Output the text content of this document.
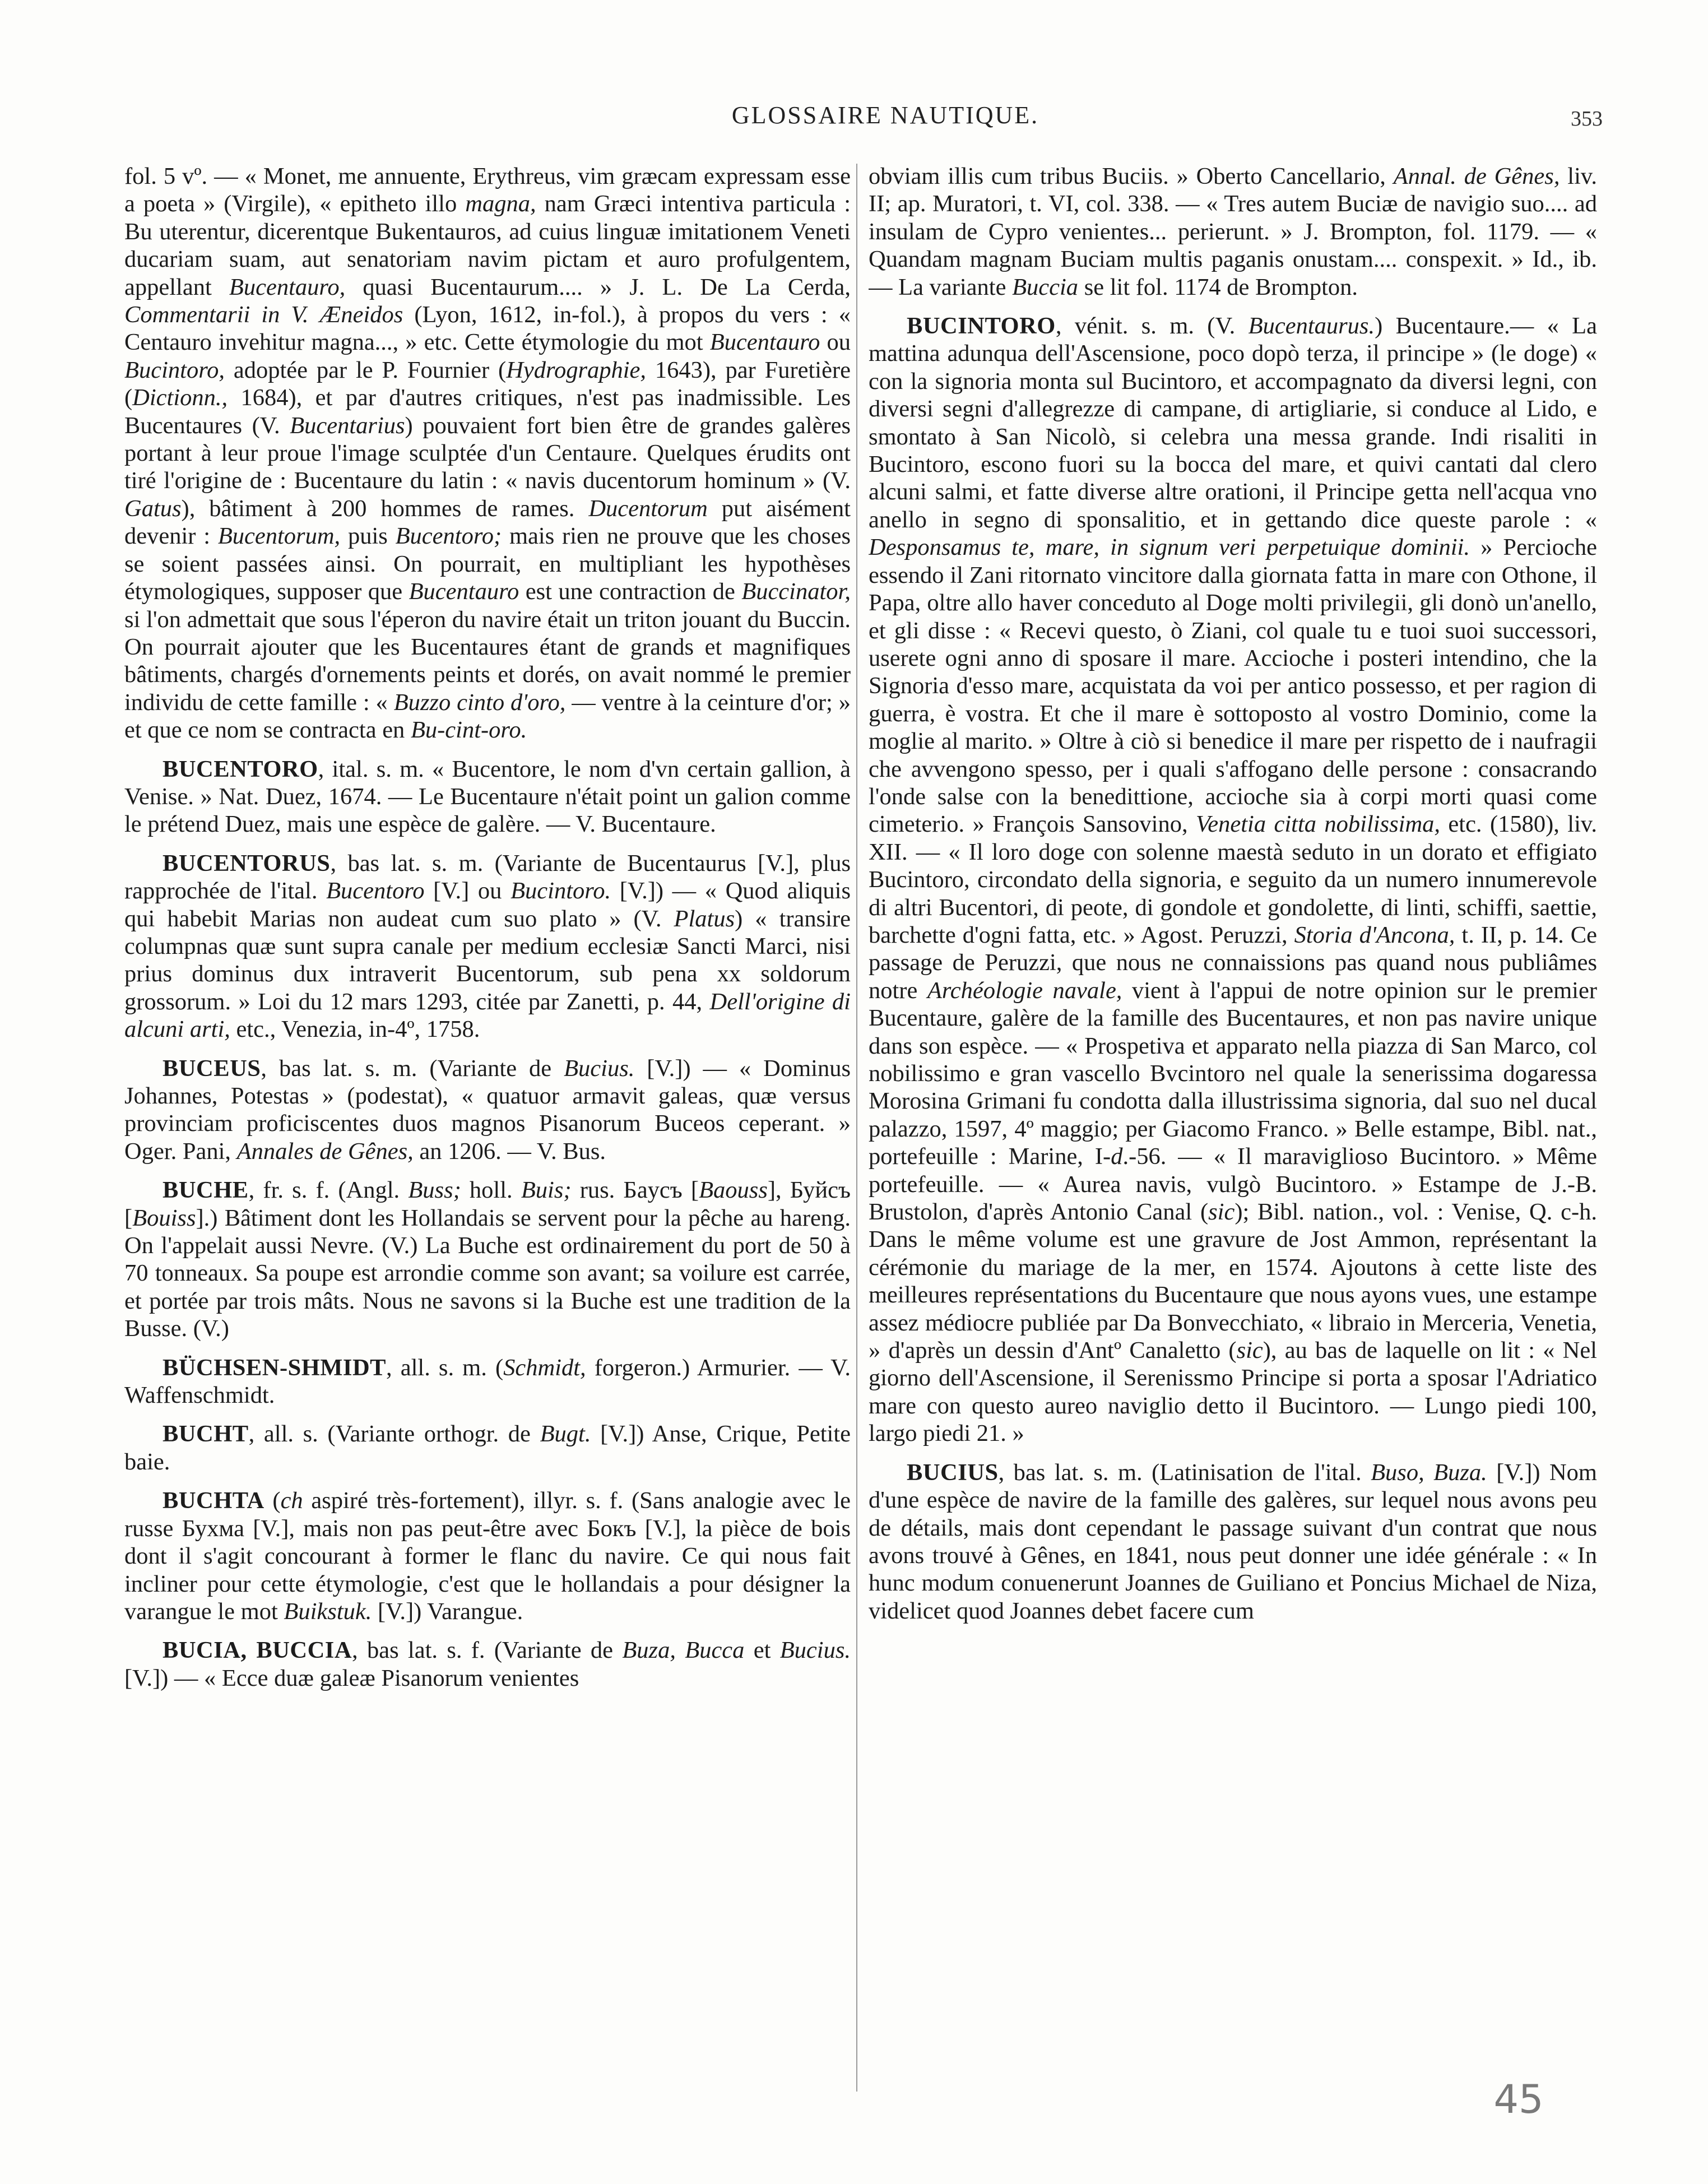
GLOSSAIRE NAUTIQUE.	353

fol. 5 vº. — « Monet, me annuente, Erythreus, vim græcam expressam esse a poeta » (Virgile), « epitheto illo magna, nam Græci intentiva particula : Bu uterentur, dicerentque Bukentauros, ad cuius linguæ imitationem Veneti ducariam suam, aut senatoriam navim pictam et auro profulgentem, appellant Bucentauro, quasi Bucentaurum.... » J. L. De La Cerda, Commentarii in V. Æneidos (Lyon, 1612, in-fol.), à propos du vers : « Centauro invehitur magna..., » etc. Cette étymologie du mot Bucentauro ou Bucintoro, adoptée par le P. Fournier (Hydrographie, 1643), par Furetière (Dictionn., 1684), et par d'autres critiques, n'est pas inadmissible. Les Bucentaures (V. Bucentarius) pouvaient fort bien être de grandes galères portant à leur proue l'image sculptée d'un Centaure. Quelques érudits ont tiré l'origine de : Bucentaure du latin : « navis ducentorum hominum » (V. Gatus), bâtiment à 200 hommes de rames. Ducentorum put aisément devenir : Bucentorum, puis Bucentoro; mais rien ne prouve que les choses se soient passées ainsi. On pourrait, en multipliant les hypothèses étymologiques, supposer que Bucentauro est une contraction de Buccinator, si l'on admettait que sous l'éperon du navire était un triton jouant du Buccin. On pourrait ajouter que les Bucentaures étant de grands et magnifiques bâtiments, chargés d'ornements peints et dorés, on avait nommé le premier individu de cette famille : « Buzzo cinto d'oro, — ventre à la ceinture d'or; » et que ce nom se contracta en Bu-cint-oro.

BUCENTORO, ital. s. m. « Bucentore, le nom d'vn certain gallion, à Venise. » Nat. Duez, 1674. — Le Bucentaure n'était point un galion comme le prétend Duez, mais une espèce de galère. — V. Bucentaure.

BUCENTORUS, bas lat. s. m. (Variante de Bucentaurus [V.], plus rapprochée de l'ital. Bucentoro [V.] ou Bucintoro. [V.]) — « Quod aliquis qui habebit Marias non audeat cum suo plato » (V. Platus) « transire columpnas quæ sunt supra canale per medium ecclesiæ Sancti Marci, nisi prius dominus dux intraverit Bucentorum, sub pena xx soldorum grossorum. » Loi du 12 mars 1293, citée par Zanetti, p. 44, Dell'origine di alcuni arti, etc., Venezia, in-4º, 1758.

BUCEUS, bas lat. s. m. (Variante de Bucius. [V.]) — « Dominus Johannes, Potestas » (podestat), « quatuor armavit galeas, quæ versus provinciam proficiscentes duos magnos Pisanorum Buceos ceperant. » Oger. Pani, Annales de Gênes, an 1206. — V. Bus.

BUCHE, fr. s. f. (Angl. Buss; holl. Buis; rus. Бaycъ [Baouss], Буйсъ [Bouiss].) Bâtiment dont les Hollandais se servent pour la pêche au hareng. On l'appelait aussi Nevre. (V.) La Buche est ordinairement du port de 50 à 70 tonneaux. Sa poupe est arrondie comme son avant; sa voilure est carrée, et portée par trois mâts. Nous ne savons si la Buche est une tradition de la Busse. (V.)

BÜCHSEN-SHMIDT, all. s. m. (Schmidt, forgeron.) Armurier. — V. Waffenschmidt.

BUCHT, all. s. (Variante orthogr. de Bugt. [V.]) Anse, Crique, Petite baie.

BUCHTA (ch aspiré très-fortement), illyr. s. f. (Sans analogie avec le russe Бухма [V.], mais non pas peut-être avec Бокъ [V.], la pièce de bois dont il s'agit concourant à former le flanc du navire. Ce qui nous fait incliner pour cette étymologie, c'est que le hollandais a pour désigner la varangue le mot Buikstuk. [V.]) Varangue.

BUCIA, BUCCIA, bas lat. s. f. (Variante de Buza, Bucca et Bucius. [V.]) — « Ecce duæ galeæ Pisanorum venientes

obviam illis cum tribus Buciis. » Oberto Cancellario, Annal. de Gênes, liv. II; ap. Muratori, t. VI, col. 338. — « Tres autem Buciæ de navigio suo.... ad insulam de Cypro venientes... perierunt. » J. Brompton, fol. 1179. — « Quandam magnam Buciam multis paganis onustam.... conspexit. » Id., ib. — La variante Buccia se lit fol. 1174 de Brompton.

BUCINTORO, vénit. s. m. (V. Bucentaurus.) Bucentaure.— « La mattina adunqua dell'Ascensione, poco dopò terza, il principe » (le doge) « con la signoria monta sul Bucintoro, et accompagnato da diversi legni, con diversi segni d'allegrezze di campane, di artigliarie, si conduce al Lido, e smontato à San Nicolò, si celebra una messa grande. Indi risaliti in Bucintoro, escono fuori su la bocca del mare, et quivi cantati dal clero alcuni salmi, et fatte diverse altre orationi, il Principe getta nell'acqua vno anello in segno di sponsalitio, et in gettando dice queste parole : « Desponsamus te, mare, in signum veri perpetuique dominii. » Percioche essendo il Zani ritornato vincitore dalla giornata fatta in mare con Othone, il Papa, oltre allo haver conceduto al Doge molti privilegii, gli donò un'anello, et gli disse : « Recevi questo, ò Ziani, col quale tu e tuoi suoi successori, userete ogni anno di sposare il mare. Accioche i posteri intendino, che la Signoria d'esso mare, acquistata da voi per antico possesso, et per ragion di guerra, è vostra. Et che il mare è sottoposto al vostro Dominio, come la moglie al marito. » Oltre à ciò si benedice il mare per rispetto de i naufragii che avvengono spesso, per i quali s'affogano delle persone : consacrando l'onde salse con la benedittione, accioche sia à corpi morti quasi come cimeterio. » François Sansovino, Venetia citta nobilissima, etc. (1580), liv. XII. — « Il loro doge con solenne maestà seduto in un dorato et effigiato Bucintoro, circondato della signoria, e seguito da un numero innumerevole di altri Bucentori, di peote, di gondole et gondolette, di linti, schiffi, saettie, barchette d'ogni fatta, etc. » Agost. Peruzzi, Storia d'Ancona, t. II, p. 14. Ce passage de Peruzzi, que nous ne connaissions pas quand nous publiâmes notre Archéologie navale, vient à l'appui de notre opinion sur le premier Bucentaure, galère de la famille des Bucentaures, et non pas navire unique dans son espèce. — « Prospetiva et apparato nella piazza di San Marco, col nobilissimo e gran vascello Bvcintoro nel quale la senerissima dogaressa Morosina Grimani fu condotta dalla illustrissima signoria, dal suo nel ducal palazzo, 1597, 4º maggio; per Giacomo Franco. » Belle estampe, Bibl. nat., portefeuille : Marine, I-d.-56. — « Il maraviglioso Bucintoro. » Même portefeuille. — « Aurea navis, vulgò Bucintoro. » Estampe de J.-B. Brustolon, d'après Antonio Canal (sic); Bibl. nation., vol. : Venise, Q. c-h. Dans le même volume est une gravure de Jost Ammon, représentant la cérémonie du mariage de la mer, en 1574. Ajoutons à cette liste des meilleures représentations du Bucentaure que nous ayons vues, une estampe assez médiocre publiée par Da Bonvecchiato, « libraio in Merceria, Venetia, » d'après un dessin d'Antº Canaletto (sic), au bas de laquelle on lit : « Nel giorno dell'Ascensione, il Serenissmo Principe si porta a sposar l'Adriatico mare con questo aureo naviglio detto il Bucintoro. — Lungo piedi 100, largo piedi 21. »

BUCIUS, bas lat. s. m. (Latinisation de l'ital. Buso, Buza. [V.]) Nom d'une espèce de navire de la famille des galères, sur lequel nous avons peu de détails, mais dont cependant le passage suivant d'un contrat que nous avons trouvé à Gênes, en 1841, nous peut donner une idée générale : « In hunc modum conuenerunt Joannes de Guiliano et Poncius Michael de Niza, videlicet quod Joannes debet facere cum

45
